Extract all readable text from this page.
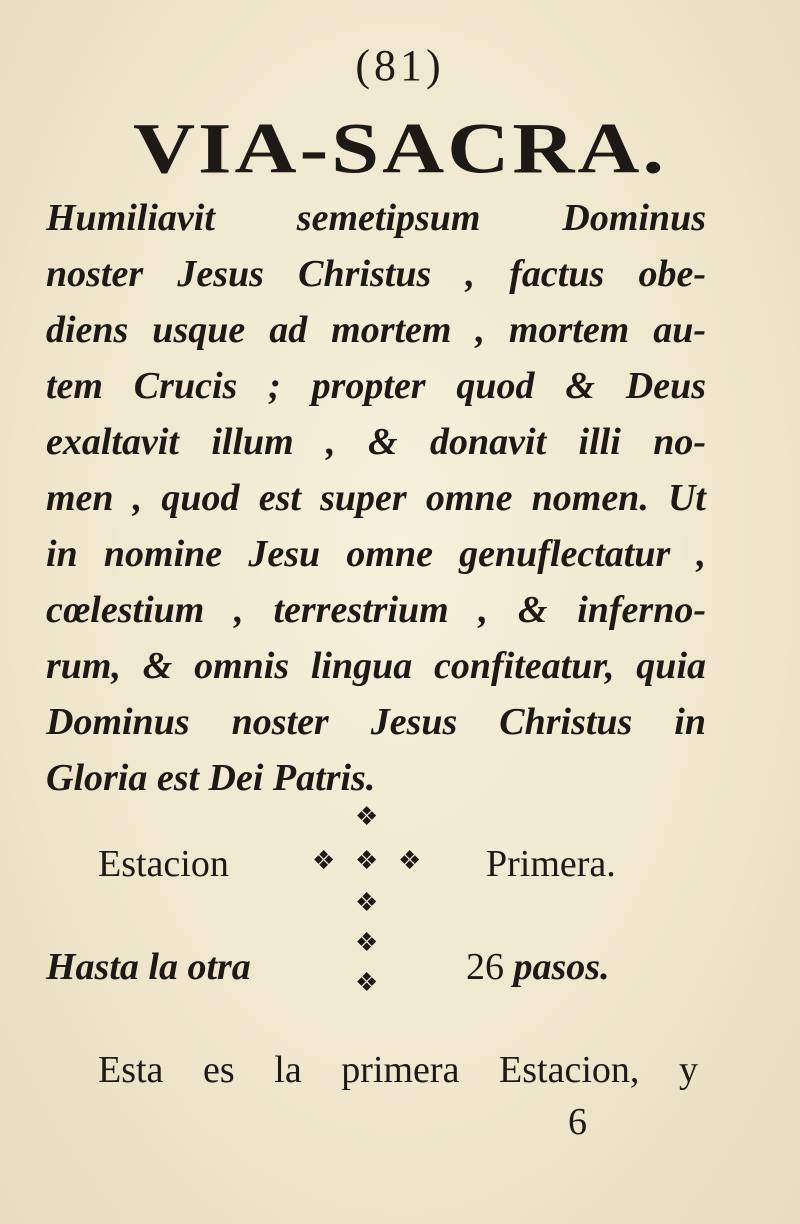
(81)
VIA-SACRA.

Humiliavit semetipsum Dominus
noster Jesus Christus , factus obe-
diens usque ad mortem , mortem au-
tem Crucis ; propter quod & Deus
exaltavit illum , & donavit illi no-
men , quod est super omne nomen. Ut
in nomine Jesu omne genuflectatur ,
cœlestium , terrestrium , & inferno-
rum, & omnis lingua confiteatur, quia
Dominus noster Jesus Christus in
Gloria est Dei Patris.

❖
❖ ❖ ❖
❖
❖
❖
Estacion	Primera.
Hasta la otra	26 pasos.
Esta es la primera Estacion, y
6
